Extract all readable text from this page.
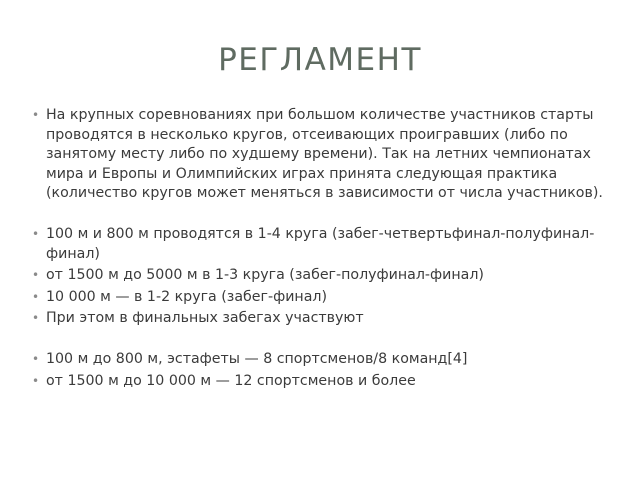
РЕГЛАМЕНТ
• На крупных соревнованиях при большом количестве участников старты проводятся в несколько кругов, отсеивающих проигравших (либо по занятому месту либо по худшему времени). Так на летних чемпионатах мира и Европы и Олимпийских играх принята следующая практика (количество кругов может меняться в зависимости от числа участников).
• 100 м и 800 м проводятся в 1-4 круга (забег-четвертьфинал-полуфинал-финал)
• от 1500 м до 5000 м в 1-3 круга (забег-полуфинал-финал)
• 10 000 м — в 1-2 круга (забег-финал)
• При этом в финальных забегах участвуют
• 100 м до 800 м, эстафеты — 8 спортсменов/8 команд[4]
• от 1500 м до 10 000 м — 12 спортсменов и более
